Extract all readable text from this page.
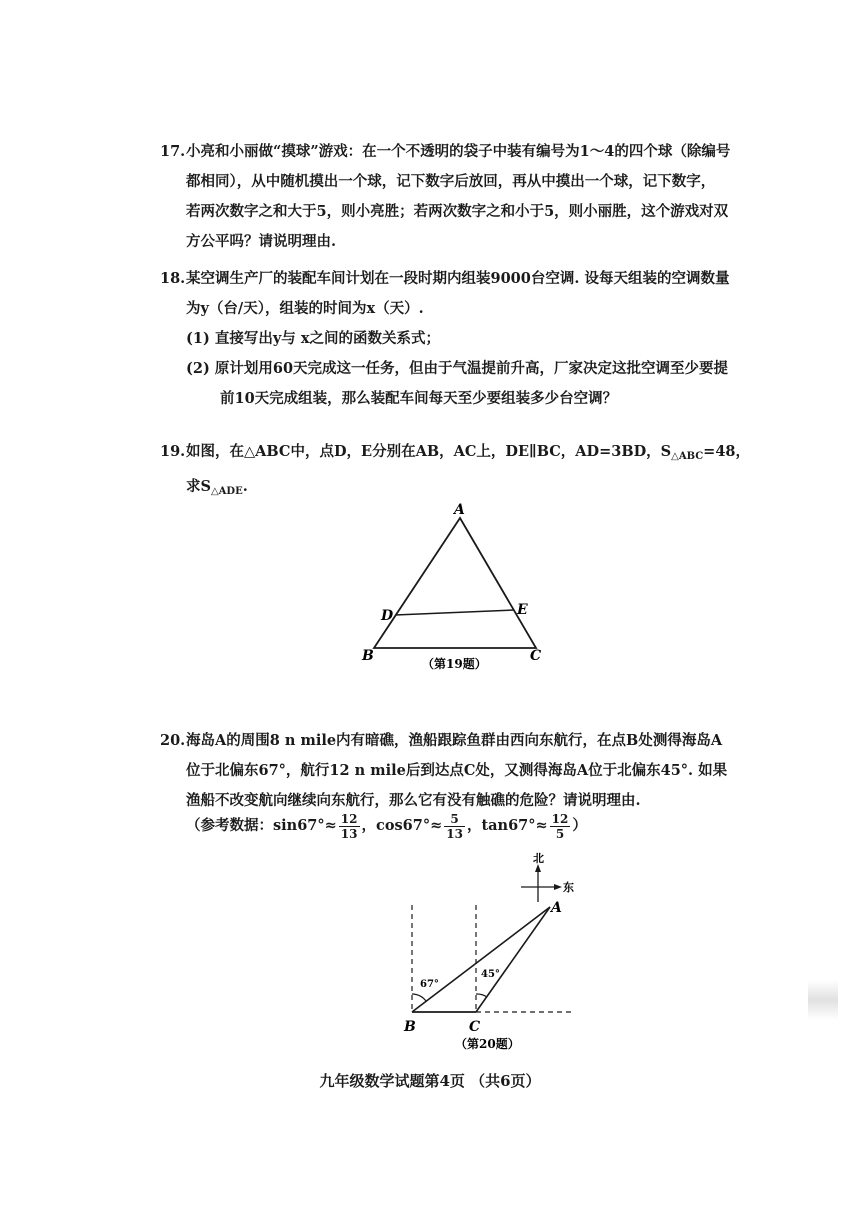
17.小亮和小丽做“摸球”游戏：在一个不透明的袋子中装有编号为1～4的四个球（除编号
都相同），从中随机摸出一个球，记下数字后放回，再从中摸出一个球，记下数字，
若两次数字之和大于5，则小亮胜；若两次数字之和小于5，则小丽胜，这个游戏对双
方公平吗？请说明理由.
18.某空调生产厂的装配车间计划在一段时期内组装9000台空调. 设每天组装的空调数量
为y（台/天），组装的时间为x（天）.
(1) 直接写出y与 x之间的函数关系式；
(2) 原计划用60天完成这一任务，但由于气温提前升高，厂家决定这批空调至少要提
前10天完成组装，那么装配车间每天至少要组装多少台空调？
19.如图，在△ABC中，点D，E分别在AB，AC上，DE∥BC，AD=3BD，$S_{\triangle ABC}=48$，
求$S_{\triangle ADE}$.
A
B	C
D	E
（第19题）
20.海岛A的周围8 n mile内有暗礁，渔船跟踪鱼群由西向东航行，在点B处测得海岛A
位于北偏东67°，航行12 n mile后到达点C处，又测得海岛A位于北偏东45°. 如果
渔船不改变航向继续向东航行，那么它有没有触礁的危险？请说明理由.
（参考数据：$\sin 67^\circ\approx \frac{12}{13}$ ，$\cos 67^\circ\approx \frac{5}{13}$ ，$\tan 67^\circ\approx \frac{12}{5}$ ）
北
东
67°
45°
A
B	C
（第20题）
九年级数学试题第4页 （共6页）
